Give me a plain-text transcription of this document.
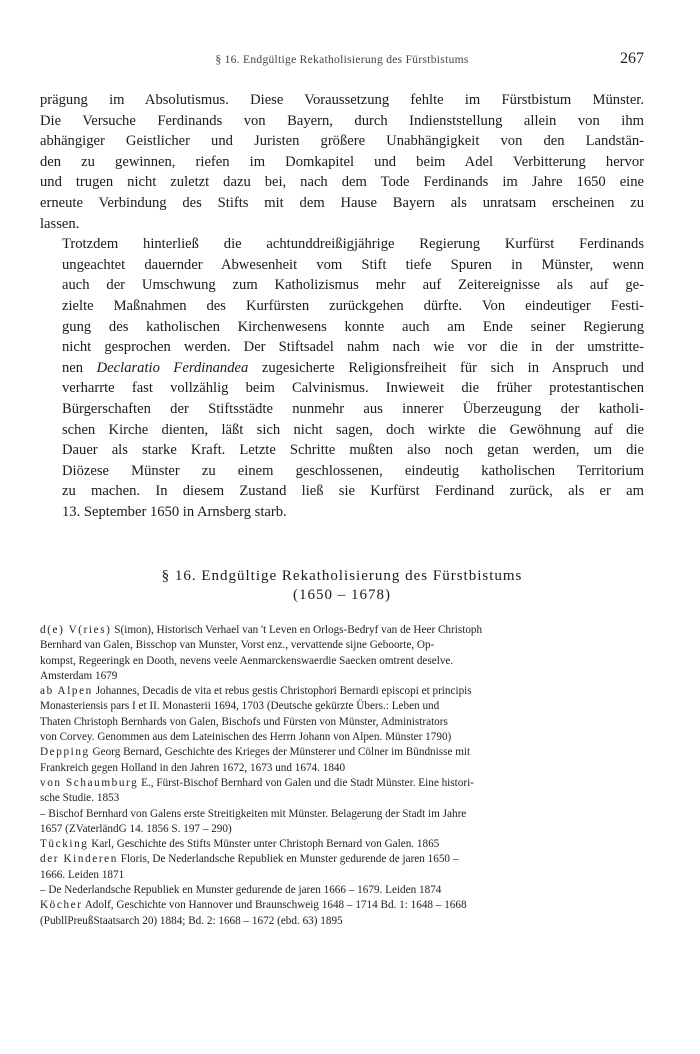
§ 16. Endgültige Rekatholisierung des Fürstbistums	267

prägung im Absolutismus. Diese Voraussetzung fehlte im Fürstbistum Münster.
Die Versuche Ferdinands von Bayern, durch Indienststellung allein von ihm
abhängiger Geistlicher und Juristen größere Unabhängigkeit von den Landstän-
den zu gewinnen, riefen im Domkapitel und beim Adel Verbitterung hervor
und trugen nicht zuletzt dazu bei, nach dem Tode Ferdinands im Jahre 1650 eine
erneute Verbindung des Stifts mit dem Hause Bayern als unratsam erscheinen zu
lassen.

Trotzdem hinterließ die achtunddreißigjährige Regierung Kurfürst Ferdinands
ungeachtet dauernder Abwesenheit vom Stift tiefe Spuren in Münster, wenn
auch der Umschwung zum Katholizismus mehr auf Zeitereignisse als auf ge-
zielte Maßnahmen des Kurfürsten zurückgehen dürfte. Von eindeutiger Festi-
gung des katholischen Kirchenwesens konnte auch am Ende seiner Regierung
nicht gesprochen werden. Der Stiftsadel nahm nach wie vor die in der umstritte-
nen Declaratio Ferdinandea zugesicherte Religionsfreiheit für sich in Anspruch und
verharrte fast vollzählig beim Calvinismus. Inwieweit die früher protestantischen
Bürgerschaften der Stiftsstädte nunmehr aus innerer Überzeugung der katholi-
schen Kirche dienten, läßt sich nicht sagen, doch wirkte die Gewöhnung auf die
Dauer als starke Kraft. Letzte Schritte mußten also noch getan werden, um die
Diözese Münster zu einem geschlossenen, eindeutig katholischen Territorium
zu machen. In diesem Zustand ließ sie Kurfürst Ferdinand zurück, als er am
13. September 1650 in Arnsberg starb.

§ 16. Endgültige Rekatholisierung des Fürstbistums
(1650 – 1678)
d(e) V(ries) S(imon), Historisch Verhael van 't Leven en Orlogs-Bedryf van de Heer Christoph
Bernhard van Galen, Bisschop van Munster, Vorst enz., vervattende sijne Geboorte, Op-
kompst, Regeeringk en Dooth, nevens veele Aenmarckenswaerdie Saecken omtrent deselve.
Amsterdam 1679
ab Alpen Johannes, Decadis de vita et rebus gestis Christophori Bernardi episcopi et principis
Monasteriensis pars I et II. Monasterii 1694, 1703 (Deutsche gekürzte Übers.: Leben und
Thaten Christoph Bernhards von Galen, Bischofs und Fürsten von Münster, Administrators
von Corvey. Genommen aus dem Lateinischen des Herrn Johann von Alpen. Münster 1790)
Depping Georg Bernard, Geschichte des Krieges der Münsterer und Cölner im Bündnisse mit
Frankreich gegen Holland in den Jahren 1672, 1673 und 1674. 1840
von Schaumburg E., Fürst-Bischof Bernhard von Galen und die Stadt Münster. Eine histori-
sche Studie. 1853
– Bischof Bernhard von Galens erste Streitigkeiten mit Münster. Belagerung der Stadt im Jahre
1657 (ZVaterländG 14. 1856 S. 197 – 290)
Tücking Karl, Geschichte des Stifts Münster unter Christoph Bernard von Galen. 1865
der Kinderen Floris, De Nederlandsche Republiek en Munster gedurende de jaren 1650 –
1666. Leiden 1871
– De Nederlandsche Republiek en Munster gedurende de jaren 1666 – 1679. Leiden 1874
Köcher Adolf, Geschichte von Hannover und Braunschweig 1648 – 1714 Bd. 1: 1648 – 1668
(PubllPreußStaatsarch 20) 1884; Bd. 2: 1668 – 1672 (ebd. 63) 1895
